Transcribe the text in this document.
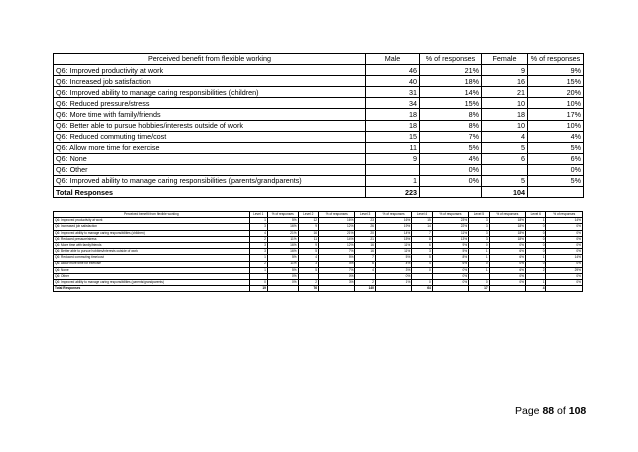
Perceived benefit from flexible working	Male	% of responses	Female	% of responses
Q6: Improved productivity at work	46	21%	9	9%
Q6: Increased job satisfaction	40	18%	16	15%
Q6: Improved ability to manage caring responsibilities (children)	31	14%	21	20%
Q6: Reduced pressure/stress	34	15%	10	10%
Q6: More time with family/friends	18	8%	18	17%
Q6: Better able to pursue hobbies/interests outside of work	18	8%	10	10%
Q6: Reduced commuting time/cost	15	7%	4	4%
Q6: Allow more time for exercise	11	5%	5	5%
Q6: None	9	4%	6	6%
Q6: Other		0%		0%
Q6: Improved ability to manage caring responsibilities (parents/grandparents)	1	0%	5	5%
Total Responses	223		104	
Perceived benefit from flexible working	Level 1	% of responses	Level 2	% of responses	Level 3	% of responses	Level 4	% of responses	Level 5	% of responses	Level 6	% of responses
Q6: Improved productivity at work	1	5%	12	16%	23	16%	15	23%	3	18%	1	14%
Q6: Increased job satisfaction	3	16%	9	12%	26	19%	14	22%	3	18%	0	0%
Q6: Improved ability to manage caring responsibilities (children)	4	21%	16	21%	20	14%	7	11%	3	18%	0	0%
Q6: Reduced pressure/stress	2	11%	11	14%	21	15%	8	13%	3	18%	0	0%
Q6: More time with family/friends	3	16%	9	12%	16	11%	6	9%	0	0%	0	0%
Q6: Better able to pursue hobbies/interests outside of work	3	16%	5	7%	16	11%	3	5%	1	6%	0	0%
Q6: Reduced commuting time/cost	1	5%	4	5%	7	5%	5	8%	1	6%	1	14%
Q6: Allow more time for exercise	2	11%	3	4%	6	4%	4	6%	0	0%	0	0%
Q6: None	1	5%	5	7%	4	3%	0	0%	1	6%	2	29%
Q6: Other		0%		0%		0%		0%		0%		0%
Q6: Improved ability to manage caring responsibilities (parents/grandparents)	0	0%	2	3%	2	1%	0	0%	0	0%	1	0%
Total Responses	19		76		140		64		17		4	
Page 88 of 108
